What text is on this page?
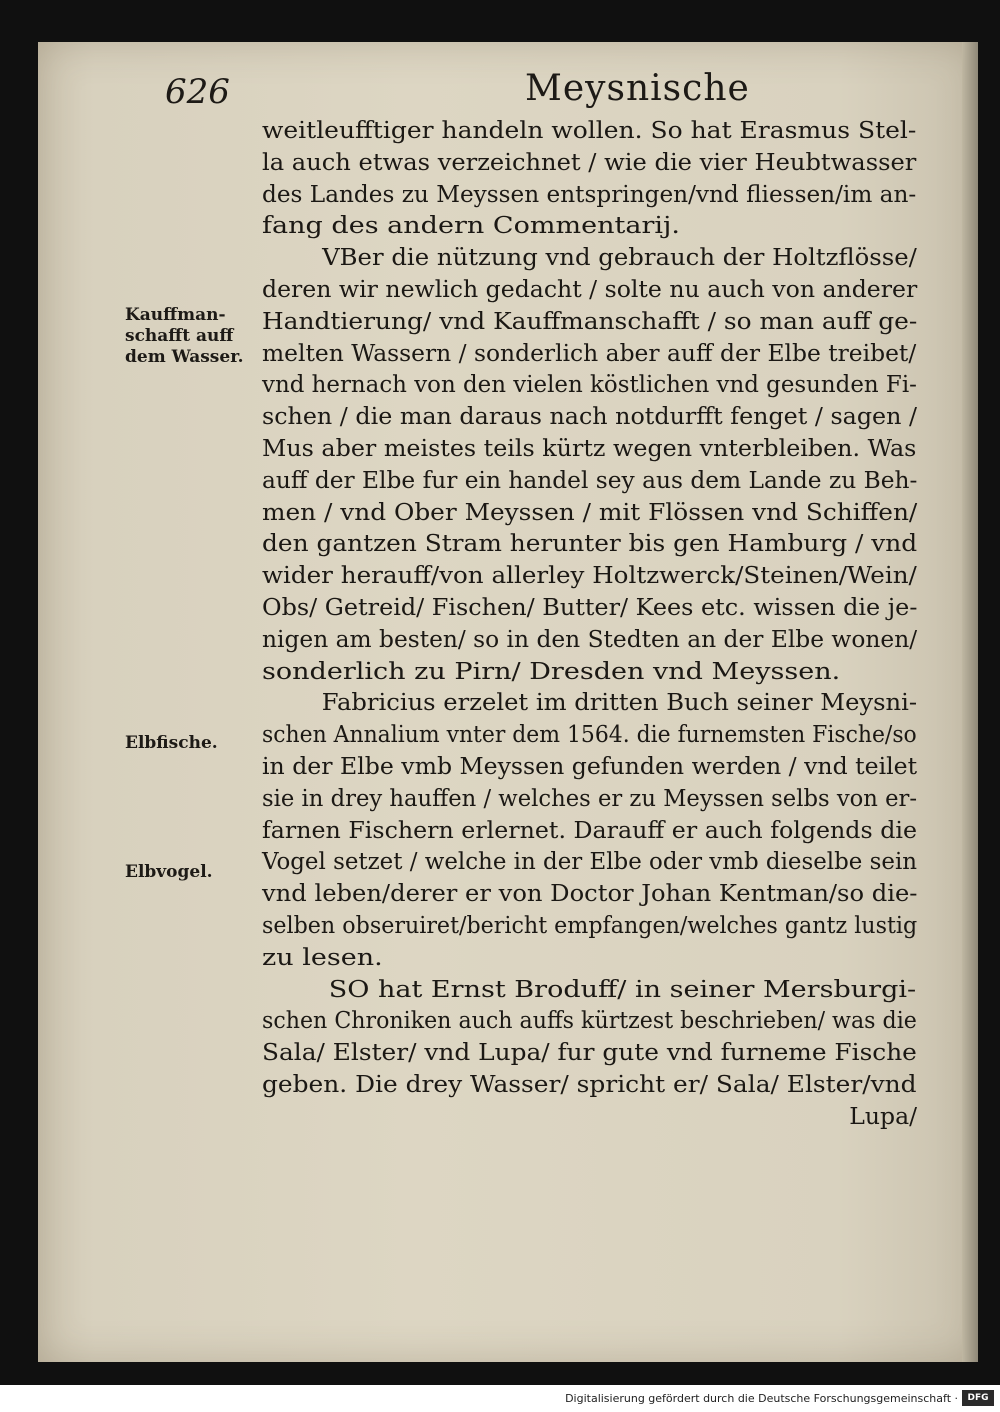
626	Meysnische
Kauffman-
schafft auff
dem Wasser.
Elbfische.
Elbvogel.
weitleufftiger handeln wollen. So hat Erasmus Stel-
la auch etwas verzeichnet / wie die vier Heubtwasser
des Landes zu Meyssen entspringen/vnd fliessen/im an-
fang des andern Commentarij.
VBer die nützung vnd gebrauch der Holtzflösse/
deren wir newlich gedacht / solte nu auch von anderer
Handtierung/ vnd Kauffmanschafft / so man auff ge-
melten Wassern / sonderlich aber auff der Elbe treibet/
vnd hernach von den vielen köstlichen vnd gesunden Fi-
schen / die man daraus nach notdurfft fenget / sagen /
Mus aber meistes teils kürtz wegen vnterbleiben. Was
auff der Elbe fur ein handel sey aus dem Lande zu Beh-
men / vnd Ober Meyssen / mit Flössen vnd Schiffen/
den gantzen Stram herunter bis gen Hamburg / vnd
wider herauff/von allerley Holtzwerck/Steinen/Wein/
Obs/ Getreid/ Fischen/ Butter/ Kees etc. wissen die je-
nigen am besten/ so in den Stedten an der Elbe wonen/
sonderlich zu Pirn/ Dresden vnd Meyssen.
Fabricius erzelet im dritten Buch seiner Meysni-
schen Annalium vnter dem 1564. die furnemsten Fische/so
in der Elbe vmb Meyssen gefunden werden / vnd teilet
sie in drey hauffen / welches er zu Meyssen selbs von er-
farnen Fischern erlernet. Darauff er auch folgends die
Vogel setzet / welche in der Elbe oder vmb dieselbe sein
vnd leben/derer er von Doctor Johan Kentman/so die-
selben obseruiret/bericht empfangen/welches gantz lustig
zu lesen.
SO hat Ernst Broduff/ in seiner Mersburgi-
schen Chroniken auch auffs kürtzest beschrieben/ was die
Sala/ Elster/ vnd Lupa/ fur gute vnd furneme Fische
geben. Die drey Wasser/ spricht er/ Sala/ Elster/vnd
Lupa/
Digitalisierung gefördert durch die Deutsche Forschungsgemeinschaft ·	DFG
